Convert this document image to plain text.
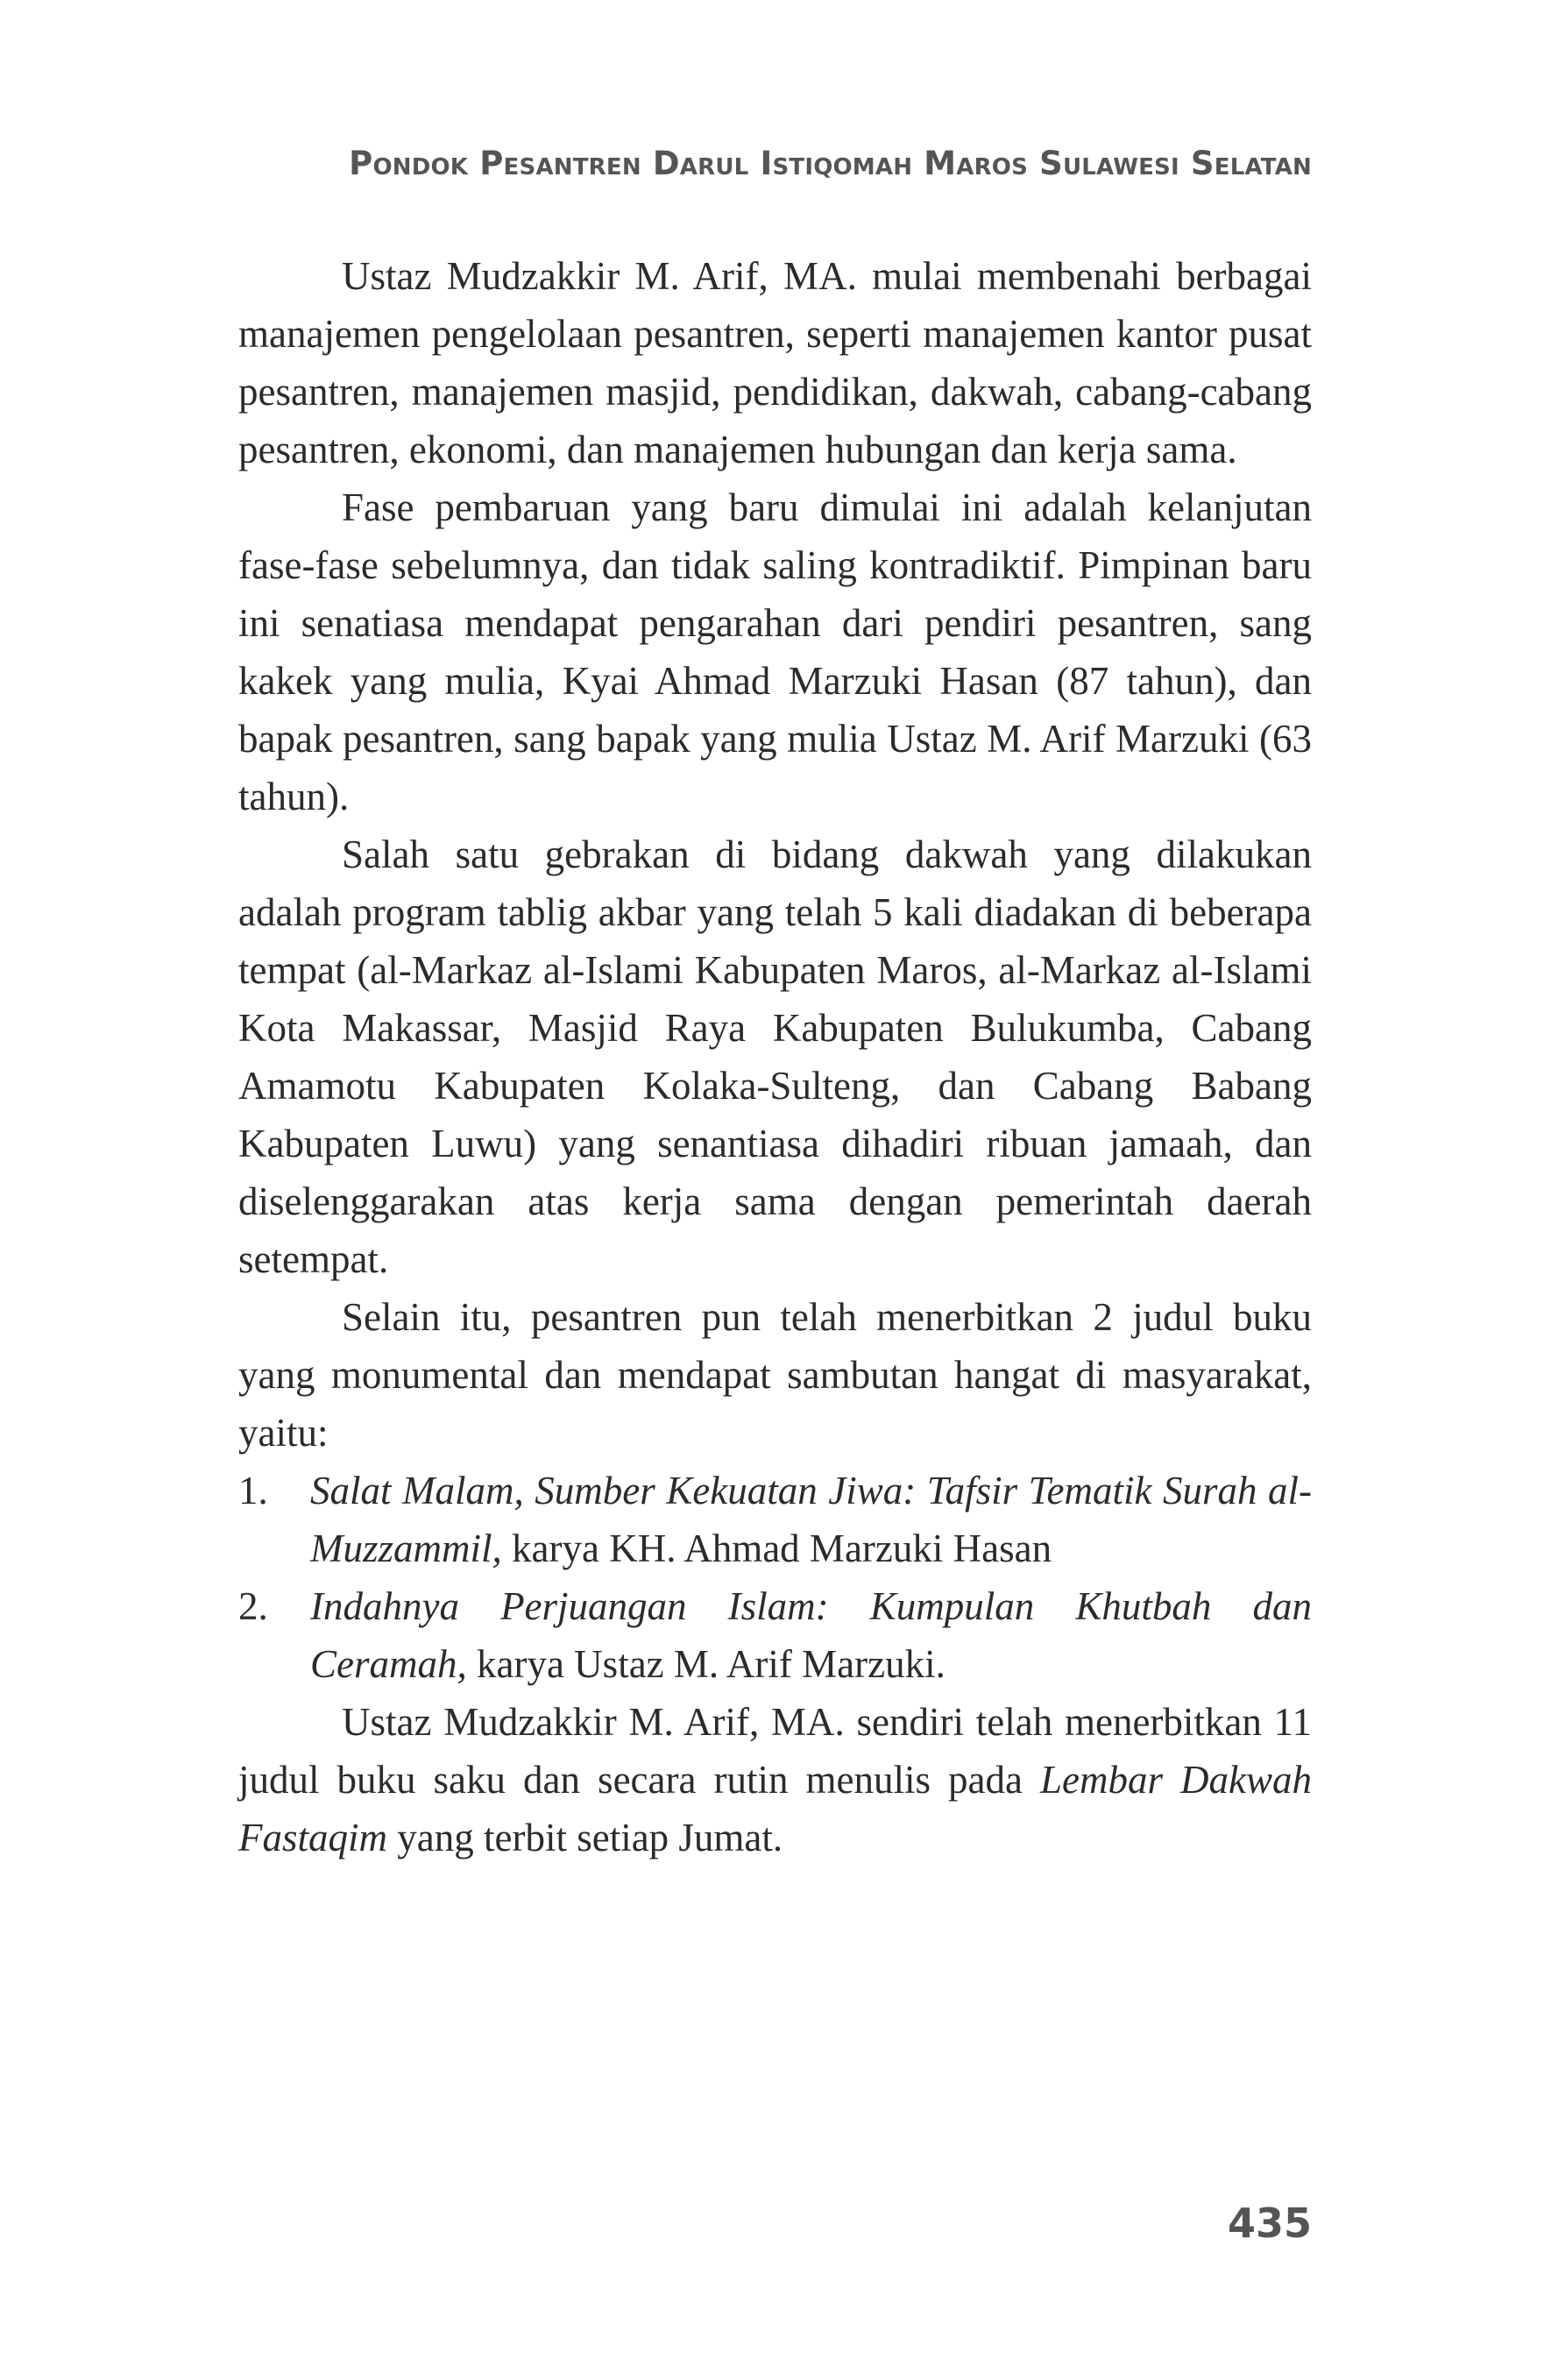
Pondok Pesantren Darul Istiqomah Maros Sulawesi Selatan

Ustaz Mudzakkir M. Arif, MA. mulai membenahi berbagai manajemen pengelolaan pesantren, seperti manajemen kantor pusat pesantren, manajemen masjid, pendidikan, dakwah, cabang-cabang pesantren, ekonomi, dan manajemen hubungan dan kerja sama.

Fase pembaruan yang baru dimulai ini adalah kelanjutan fase-fase sebelumnya, dan tidak saling kontradiktif. Pimpinan baru ini senatiasa mendapat pengarahan dari pendiri pesantren, sang kakek yang mulia, Kyai Ahmad Marzuki Hasan (87 tahun), dan bapak pesantren, sang bapak yang mulia Ustaz M. Arif Marzuki (63 tahun).

Salah satu gebrakan di bidang dakwah yang dilakukan adalah program tablig akbar yang telah 5 kali diadakan di beberapa tempat (al-Markaz al-Islami Kabupaten Maros, al-Markaz al-Islami Kota Makassar, Masjid Raya Kabupaten Bulukumba, Cabang Amamotu Kabupaten Kolaka-Sulteng, dan Cabang Babang Kabupaten Luwu) yang senantiasa dihadiri ribuan jamaah, dan diselenggarakan atas kerja sama dengan pemerintah daerah setempat.

Selain itu, pesantren pun telah menerbitkan 2 judul buku yang monumental dan mendapat sambutan hangat di masyarakat, yaitu:

1. Salat Malam, Sumber Kekuatan Jiwa: Tafsir Tematik Surah al-Muzzammil, karya KH. Ahmad Marzuki Hasan
2. Indahnya Perjuangan Islam: Kumpulan Khutbah dan Ceramah, karya Ustaz M. Arif Marzuki.

Ustaz Mudzakkir M. Arif, MA. sendiri telah menerbitkan 11 judul buku saku dan secara rutin menulis pada Lembar Dakwah Fastaqim yang terbit setiap Jumat.

435
